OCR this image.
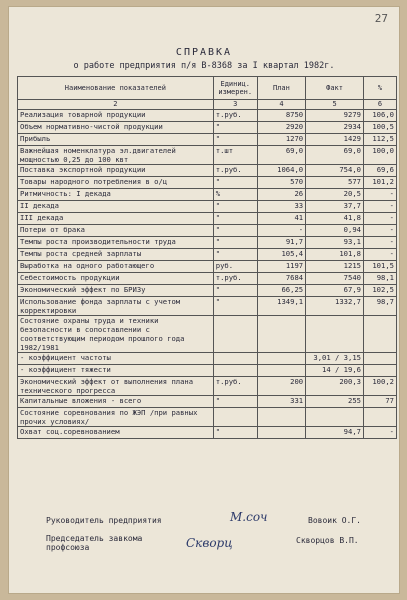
27
СПРАВКА
о работе предприятия п/я В-8368 за I квартал 1982г.
Наименование показателей	Единиц. измерен.	План	Факт	%
2	3	4	5	6
Реализация товарной продукции	т.руб.	8750	9279	106,0
Объем нормативно-чистой продукции	"	2920	2934	100,5
Прибыль	"	1270	1429	112,5
Важнейшая номенклатура эл.двигателей мощностью 0,25 до 100 квт	т.шт	69,0	69,0	100,0
Поставка экспортной продукции	т.руб.	1064,0	754,0	69,6
Товары народного потребления в о/ц	"	570	577	101,2
Ритмичность: I декада	%	26	20,5	-
II декада	"	33	37,7	-
III декада	"	41	41,8	-
Потери от брака	"	-	0,94	-
Темпы роста производительности труда	"	91,7	93,1	-
Темпы роста средней зарплаты	"	105,4	101,8	-
Выработка на одного работающего	руб.	1197	1215	101,5
Себестоимость продукции	т.руб.	7684	7540	98,1
Экономический эффект по БРИЗу	"	66,25	67,9	102,5
Использование фонда зарплаты с учетом корректировки	"	1349,1	1332,7	98,7
Состояние охраны труда и техники безопасности в сопоставлении с соответствующим периодом прошлого года 1982/1981				
- коэффициент частоты			3,01 / 3,15	
- коэффициент тяжести			14 / 19,6	
Экономический эффект от выполнения плана технического прогресса	т.руб.	200	200,3	100,2
Капитальные вложения - всего	"	331	255	77
Состояние соревнования по ЖЭП /при равных прочих условиях/				
Охват соц.соревнованием	"		94,7	-
Руководитель предприятия	М.соч	Вовоик О.Г.
Председатель завкома профсоюза	Скворц	Скворцов В.П.
